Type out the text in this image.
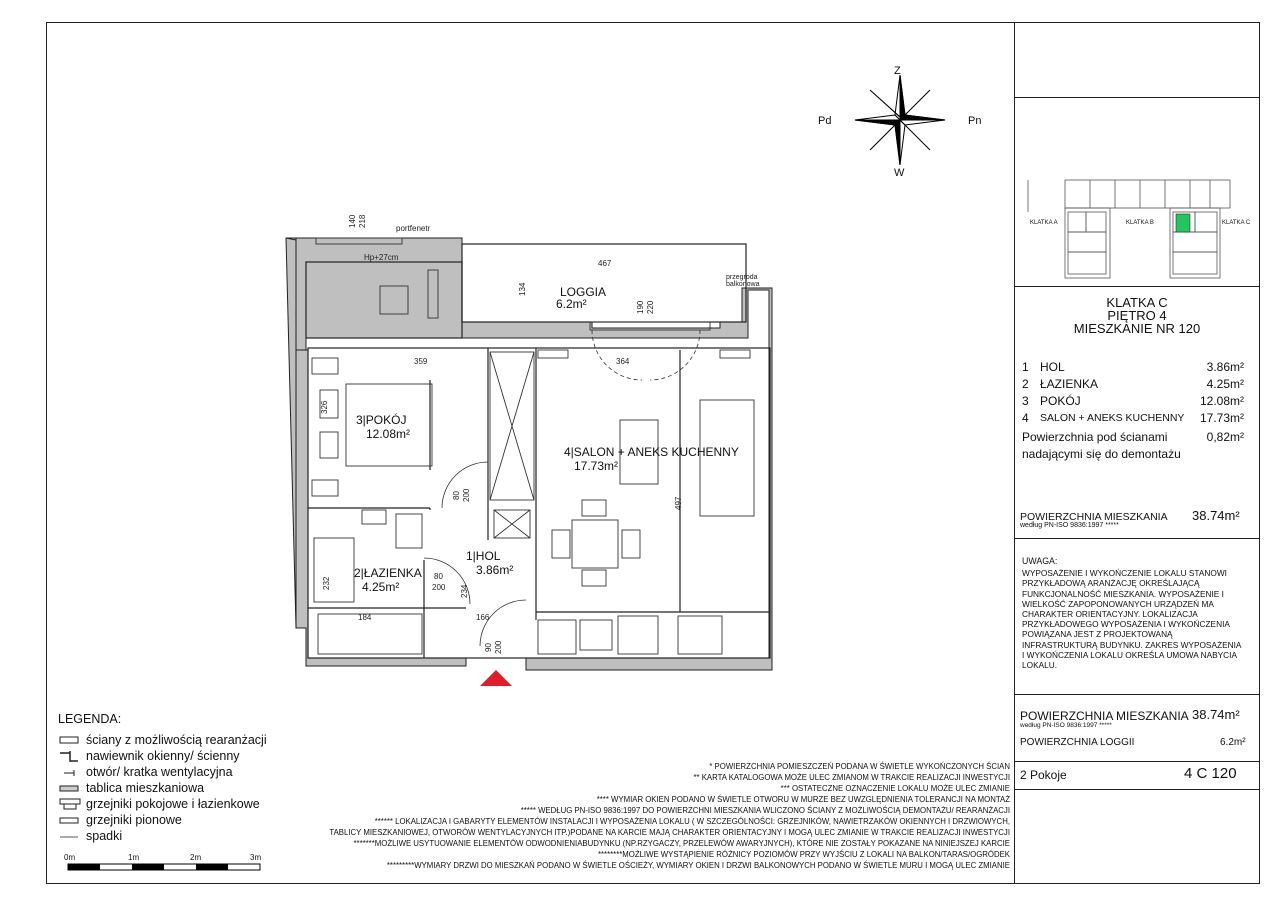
Z
Pn
W
Pd
KLATKA A	KLATKA B	KLATKA C
KLATKA C
PIĘTRO 4
MIESZKANIE NR 120
1 HOL	3.86m²
2 ŁAZIENKA	4.25m²
3 POKÓJ	12.08m²
4	SALON + ANEKS KUCHENNY	17.73m²
Powierzchnia pod ścianami	0,82m²
nadającymi się do demontażu
POWIERZCHNIA MIESZKANIA
według PN-ISO 9836:1997 *****
38.74m²
UWAGA:
WYPOSAŻENIE I WYKOŃCZENIE LOKALU STANOWI
PRZYKŁADOWĄ ARANŻACJĘ OKREŚLAJĄCĄ
FUNKCJONALNOŚĆ MIESZKANIA. WYPOSAŻENIE I
WIELKOŚĆ ZAPOPONOWANYCH URZĄDZEŃ MA
CHARAKTER ORIENTACYJNY. LOKALIZACJA
PRZYKŁADOWEGO WYPOSAŻENIA I WYKOŃCZENIA
POWIĄZANA JEST Z PROJEKTOWANĄ
INFRASTRUKTURĄ BUDYNKU. ZAKRES WYPOSAŻENIA
I WYKOŃCZENIA LOKALU OKREŚLA UMOWA NABYCIA
LOKALU.
POWIERZCHNIA MIESZKANIA
według PN-ISO 9836:1997 *****
38.74m²
POWIERZCHNIA LOGGII	6.2m²
2 Pokoje	4 C 120
LOGGIA
6.2m²
3|POKÓJ
12.08m²
4|SALON + ANEKS KUCHENNY
17.73m²
1|HOL
3.86m²
2|ŁAZIENKA
4.25m²
portfenetr
Hp+27cm
przegroda balkonowa
467
134
359	364
326
190 220
140 218
80 200
80
200
232
234
184	166
90 200
497
LEGENDA:
ściany z możliwością rearanżacji
nawiewnik okienny/ ścienny
otwór/ kratka wentylacyjna
tablica mieszkaniowa
grzejniki pokojowe i łazienkowe
grzejniki pionowe
spadki
0m	1m	2m	3m
* POWIERZCHNIA POMIESZCZEŃ PODANA W ŚWIETLE WYKOŃCZONYCH ŚCIAN
** KARTA KATALOGOWA MOŻE ULEC ZMIANOM W TRAKCIE REALIZACJI INWESTYCJI
*** OSTATECZNE OZNACZENIE LOKALU MOŻE ULEC ZMIANIE
**** WYMIAR OKIEN PODANO W ŚWIETLE OTWORU W MURZE BEZ UWZGLĘDNIENIA TOLERANCJI NA MONTAŻ
***** WEDŁUG PN-ISO 9836:1997 DO POWIERZCHNI MIESZKANIA WLICZONO ŚCIANY Z MOŻLIWOŚCIĄ DEMONTAŻU/ REARANŻACJI
****** LOKALIZACJA I GABARYTY ELEMENTÓW INSTALACJI I WYPOSAŻENIA LOKALU ( W SZCZEGÓLNOŚCI: GRZEJNIKÓW, NAWIETRZAKÓW OKIENNYCH I DRZWIOWYCH,
TABLICY MIESZKANIOWEJ, OTWORÓW WENTYLACYJNYCH ITP.)PODANE NA KARCIE MAJĄ CHARAKTER ORIENTACYJNY I MOGĄ ULEC ZMIANIE W TRAKCIE REALIZACJI INWESTYCJI
*******MOŻLIWE USYTUOWANIE ELEMENTÓW ODWODNIENIABUDYNKU (NP.RZYGACZY, PRZELEWÓW AWARYJNYCH), KTÓRE NIE ZOSTAŁY POKAZANE NA NINIEJSZEJ KARCIE
********MOŻLIWE WYSTĄPIENIE RÓŻNICY POZIOMÓW PRZY WYJŚCIU Z LOKALI NA BALKON/TARAS/OGRÓDEK
*********WYMIARY DRZWI DO MIESZKAŃ PODANO W ŚWIETLE OŚCIEŻY, WYMIARY OKIEN I DRZWI BALKONOWYCH PODANO W ŚWIETLE MURU I MOGĄ ULEC ZMIANIE
